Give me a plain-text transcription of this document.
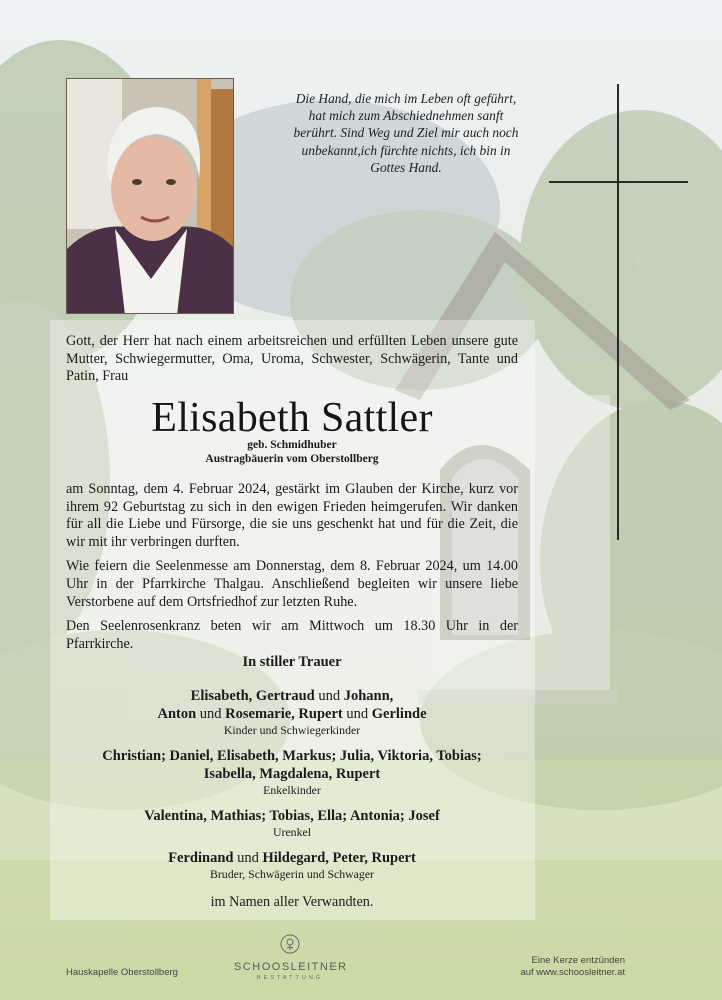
Die Hand, die mich im Leben oft geführt,
hat mich zum Abschiednehmen sanft
berührt. Sind Weg und Ziel mir auch noch
unbekannt,ich fürchte nichts, ich bin in
Gottes Hand.
Gott, der Herr hat nach einem arbeitsreichen und erfüllten Leben unsere gute Mutter, Schwiegermutter, Oma, Uroma, Schwester, Schwägerin, Tante und Patin, Frau
Elisabeth Sattler
geb. Schmidhuber
Austragbäuerin vom Oberstollberg

am Sonntag, dem 4. Februar 2024, gestärkt im Glauben der Kirche, kurz vor ihrem 92 Geburtstag zu sich in den ewigen Frieden heimgerufen. Wir danken für all die Liebe und Fürsorge, die sie uns geschenkt hat und für die Zeit, die wir mit ihr verbringen durften.

Wie feiern die Seelenmesse am Donnerstag, dem 8. Februar 2024, um 14.00 Uhr in der Pfarrkirche Thalgau. Anschließend begleiten wir unsere liebe Verstorbene auf dem Ortsfriedhof zur letzten Ruhe.

Den Seelenrosenkranz beten wir am Mittwoch um 18.30 Uhr in der Pfarrkirche.

In stiller Trauer
Elisabeth, Gertraud und Johann,
Anton und Rosemarie, Rupert und Gerlinde
Kinder und Schwiegerkinder
Christian; Daniel, Elisabeth, Markus; Julia, Viktoria, Tobias;
Isabella, Magdalena, Rupert
Enkelkinder
Valentina, Mathias; Tobias, Ella; Antonia; Josef
Urenkel
Ferdinand und Hildegard, Peter, Rupert
Bruder, Schwägerin und Schwager
im Namen aller Verwandten.
Hauskapelle Oberstollberg	SCHOOSLEITNER
BESTATTUNG
Eine Kerze entzünden
auf www.schoosleitner.at
